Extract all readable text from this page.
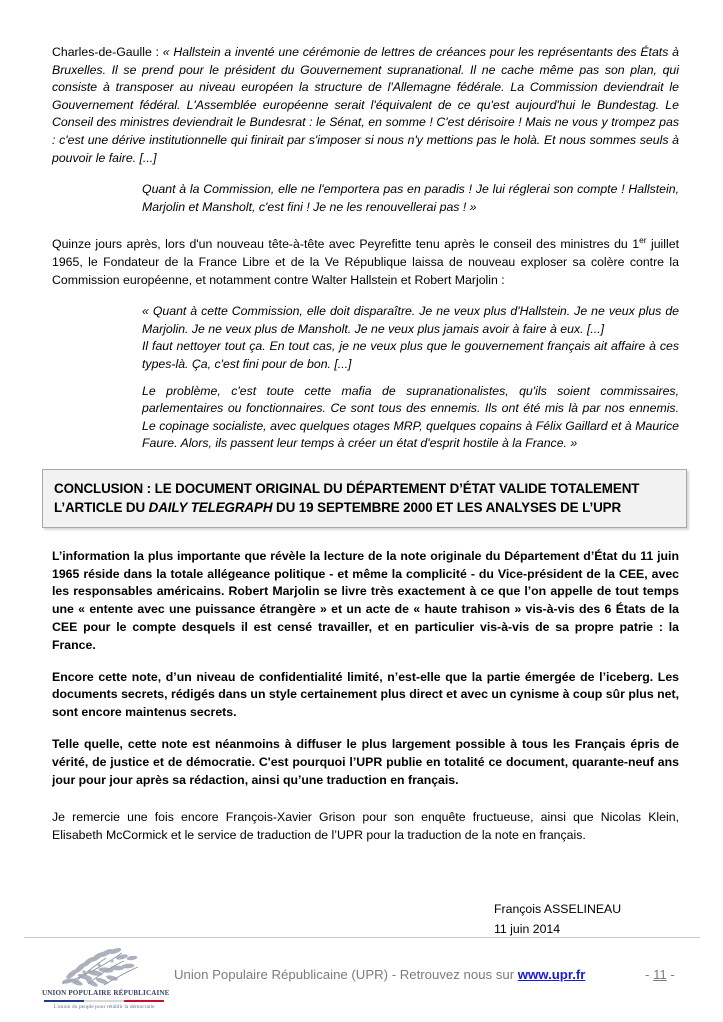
Charles-de-Gaulle : « Hallstein a inventé une cérémonie de lettres de créances pour les représentants des États à Bruxelles. Il se prend pour le président du Gouvernement supranational. Il ne cache même pas son plan, qui consiste à transposer au niveau européen la structure de l'Allemagne fédérale. La Commission deviendrait le Gouvernement fédéral. L'Assemblée européenne serait l'équivalent de ce qu'est aujourd'hui le Bundestag. Le Conseil des ministres deviendrait le Bundesrat : le Sénat, en somme ! C'est dérisoire ! Mais ne vous y trompez pas : c'est une dérive institutionnelle qui finirait par s'imposer si nous n'y mettions pas le holà. Et nous sommes seuls à pouvoir le faire. [...]
Quant à la Commission, elle ne l'emportera pas en paradis ! Je lui réglerai son compte ! Hallstein, Marjolin et Mansholt, c'est fini ! Je ne les renouvellerai pas ! »

Quinze jours après, lors d'un nouveau tête-à-tête avec Peyrefitte tenu après le conseil des ministres du 1er juillet 1965, le Fondateur de la France Libre et de la Ve République laissa de nouveau exploser sa colère contre la Commission européenne, et notamment contre Walter Hallstein et Robert Marjolin :

« Quant à cette Commission, elle doit disparaître. Je ne veux plus d'Hallstein. Je ne veux plus de Marjolin. Je ne veux plus de Mansholt. Je ne veux plus jamais avoir à faire à eux. [...]
Il faut nettoyer tout ça. En tout cas, je ne veux plus que le gouvernement français ait affaire à ces types-là. Ça, c'est fini pour de bon. [...]
Le problème, c'est toute cette mafia de supranationalistes, qu'ils soient commissaires, parlementaires ou fonctionnaires. Ce sont tous des ennemis. Ils ont été mis là par nos ennemis. Le copinage socialiste, avec quelques otages MRP, quelques copains à Félix Gaillard et à Maurice Faure. Alors, ils passent leur temps à créer un état d'esprit hostile à la France. »
CONCLUSION : LE DOCUMENT ORIGINAL DU DÉPARTEMENT D’ÉTAT VALIDE TOTALEMENT
L’ARTICLE DU DAILY TELEGRAPH DU 19 SEPTEMBRE 2000 ET LES ANALYSES DE L’UPR

L’information la plus importante que révèle la lecture de la note originale du Département d’État du 11 juin 1965 réside dans la totale allégeance politique - et même la complicité - du Vice-président de la CEE, avec les responsables américains. Robert Marjolin se livre très exactement à ce que l’on appelle de tout temps une « entente avec une puissance étrangère » et un acte de « haute trahison » vis-à-vis des 6 États de la CEE pour le compte desquels il est censé travailler, et en particulier vis-à-vis de sa propre patrie : la France.

Encore cette note, d’un niveau de confidentialité limité, n’est-elle que la partie émergée de l’iceberg. Les documents secrets, rédigés dans un style certainement plus direct et avec un cynisme à coup sûr plus net, sont encore maintenus secrets.

Telle quelle, cette note est néanmoins à diffuser le plus largement possible à tous les Français épris de vérité, de justice et de démocratie. C'est pourquoi l’UPR publie en totalité ce document, quarante-neuf ans jour pour jour après sa rédaction, ainsi qu’une traduction en français.

Je remercie une fois encore François-Xavier Grison pour son enquête fructueuse, ainsi que Nicolas Klein, Elisabeth McCormick et le service de traduction de l’UPR pour la traduction de la note en français.

François ASSELINEAU
11 juin 2014
UNION POPULAIRE RÉPUBLICAINE
L'union du peuple pour rétablir la démocratie
Union Populaire Républicaine (UPR) - Retrouvez nous sur www.upr.fr	- 11 -
